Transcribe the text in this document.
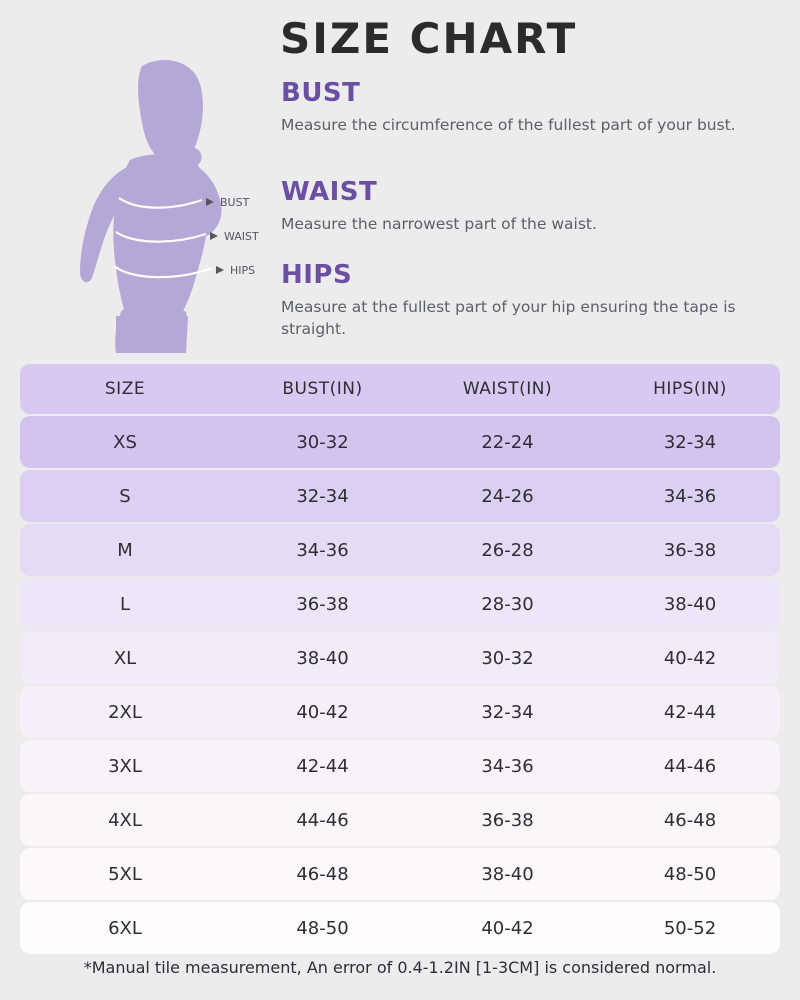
SIZE CHART
BUST
WAIST
HIPS
BUST
Measure the circumference of the fullest part of your bust.
WAIST
Measure the narrowest part of the waist.
HIPS
Measure at the fullest part of your hip ensuring the tape is straight.
SIZE	BUST(IN)	WAIST(IN)	HIPS(IN)
XS	30-32	22-24	32-34
S	32-34	24-26	34-36
M	34-36	26-28	36-38
L	36-38	28-30	38-40
XL	38-40	30-32	40-42
2XL	40-42	32-34	42-44
3XL	42-44	34-36	44-46
4XL	44-46	36-38	46-48
5XL	46-48	38-40	48-50
6XL	48-50	40-42	50-52
*Manual tile measurement, An error of 0.4-1.2IN [1-3CM] is considered normal.
